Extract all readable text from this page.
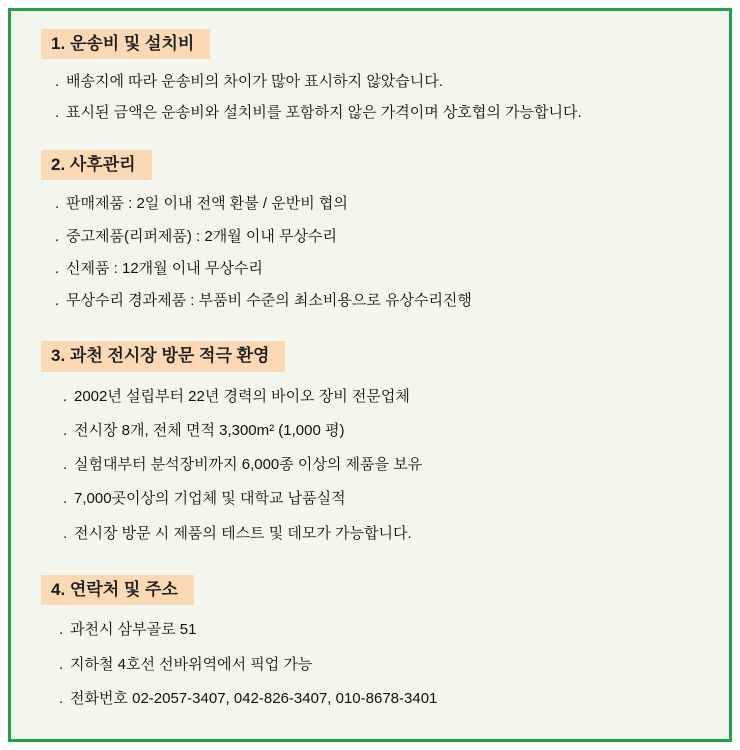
1. 운송비 및 설치비
. 배송지에 따라 운송비의 차이가 많아 표시하지 않았습니다.
. 표시된 금액은 운송비와 설치비를 포함하지 않은 가격이며 상호협의 가능합니다.
2. 사후관리
. 판매제품 : 2일 이내 전액 환불 / 운반비 협의
. 중고제품(리퍼제품) : 2개월 이내 무상수리
. 신제품 : 12개월 이내 무상수리
. 무상수리 경과제품 : 부품비 수준의 최소비용으로 유상수리진행
3. 과천 전시장 방문 적극 환영
. 2002년 설립부터 22년 경력의 바이오 장비 전문업체
. 전시장 8개, 전체 면적 3,300m² (1,000 평)
. 실험대부터 분석장비까지 6,000종 이상의 제품을 보유
. 7,000곳이상의 기업체 및 대학교 납품실적
. 전시장 방문 시 제품의 테스트 및 데모가 가능합니다.
4. 연락처 및 주소
. 과천시 삼부골로 51
. 지하철 4호선 선바위역에서 픽업 가능
. 전화번호 02-2057-3407, 042-826-3407, 010-8678-3401
